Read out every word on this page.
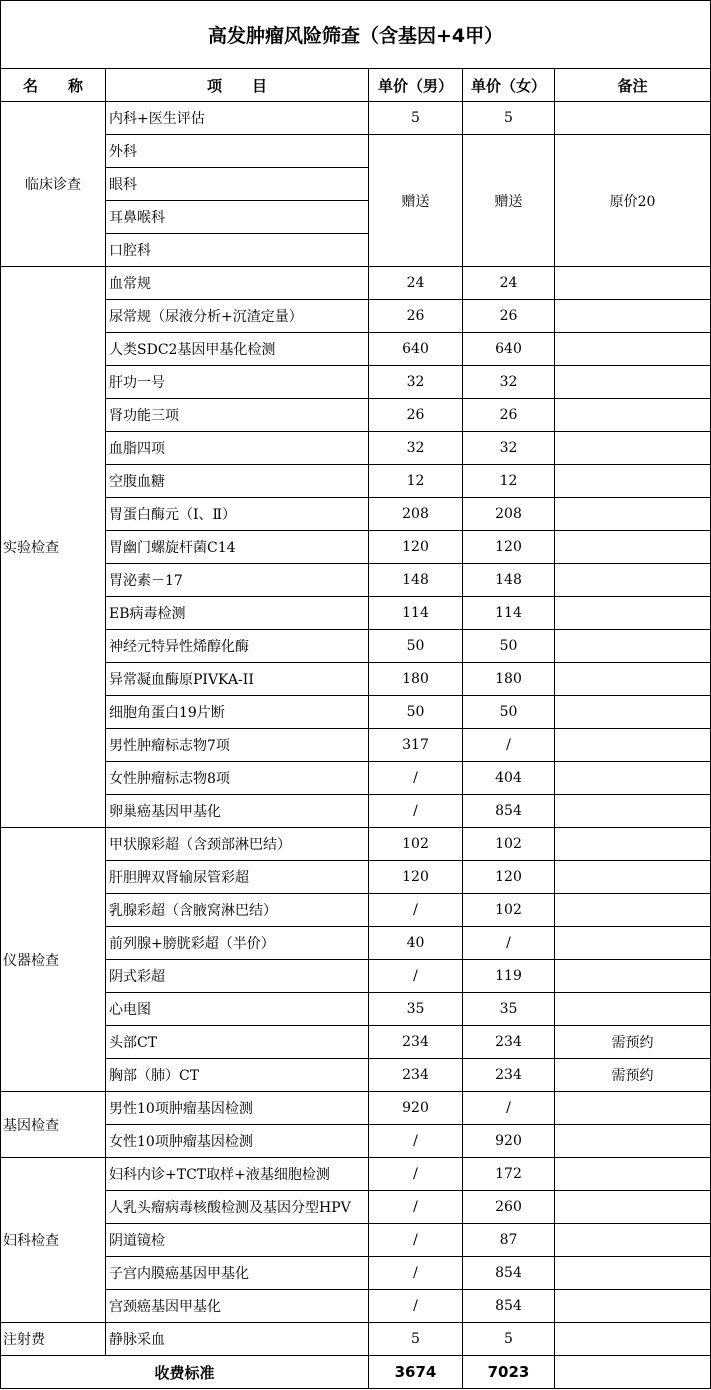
高发肿瘤风险筛查（含基因+4甲）				
名　　称	项　　目	单价（男）	单价（女）	备注
临床诊查	内科+医生评估	5	5	
	外科	赠送	赠送	原价20
	眼科			
	耳鼻喉科			
	口腔科			
实验检查	血常规	24	24	
	尿常规（尿液分析+沉渣定量）	26	26	
	人类SDC2基因甲基化检测	640	640	
	肝功一号	32	32	
	肾功能三项	26	26	
	血脂四项	32	32	
	空腹血糖	12	12	
	胃蛋白酶元（Ⅰ、Ⅱ）	208	208	
	胃幽门螺旋杆菌C14	120	120	
	胃泌素－17	148	148	
	EB病毒检测	114	114	
	神经元特异性烯醇化酶	50	50	
	异常凝血酶原PIVKA-II	180	180	
	细胞角蛋白19片断	50	50	
	男性肿瘤标志物7项	317	/	
	女性肿瘤标志物8项	/	404	
	卵巢癌基因甲基化	/	854	
仪器检查	甲状腺彩超（含颈部淋巴结）	102	102	
	肝胆脾双肾输尿管彩超	120	120	
	乳腺彩超（含腋窝淋巴结）	/	102	
	前列腺+膀胱彩超（半价）	40	/	
	阴式彩超	/	119	
	心电图	35	35	
	头部CT	234	234	需预约
	胸部（肺）CT	234	234	需预约
基因检查	男性10项肿瘤基因检测	920	/	
	女性10项肿瘤基因检测	/	920	
妇科检查	妇科内诊+TCT取样+液基细胞检测	/	172	
	人乳头瘤病毒核酸检测及基因分型HPV	/	260	
	阴道镜检	/	87	
	子宫内膜癌基因甲基化	/	854	
	宫颈癌基因甲基化	/	854	
注射费	静脉采血	5	5	
收费标准		3674	7023	
